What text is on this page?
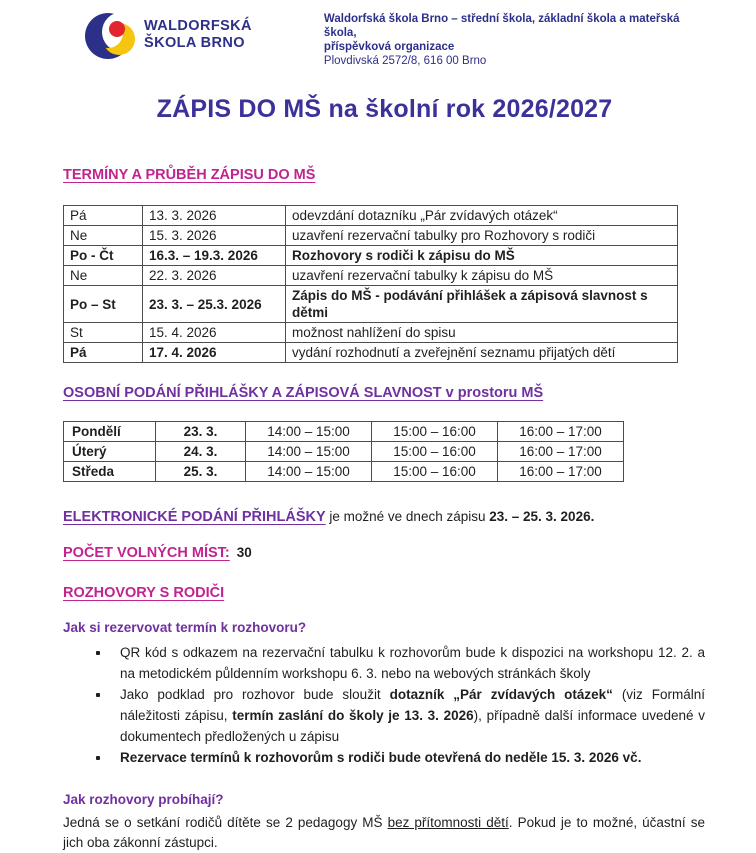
WALDORFSKÁ
ŠKOLA BRNO
Waldorfská škola Brno – střední škola, základní škola a mateřská škola,
příspěvková organizace
Plovdivská 2572/8, 616 00 Brno
ZÁPIS DO MŠ na školní rok 2026/2027
TERMÍNY A PRŮBĚH ZÁPISU DO MŠ
Pá	13. 3. 2026	odevzdání dotazníku „Pár zvídavých otázek“
Ne	15. 3. 2026	uzavření rezervační tabulky pro Rozhovory s rodiči
Po - Čt	16.3. – 19.3. 2026	Rozhovory s rodiči k zápisu do MŠ
Ne	22. 3. 2026	uzavření rezervační tabulky k zápisu do MŠ
Po – St	23. 3. – 25.3. 2026	Zápis do MŠ - podávání přihlášek a zápisová slavnost s dětmi
St	15. 4. 2026	možnost nahlížení do spisu
Pá	17. 4. 2026	vydání rozhodnutí a zveřejnění seznamu přijatých dětí
OSOBNÍ PODÁNÍ PŘIHLÁŠKY A ZÁPISOVÁ SLAVNOST v prostoru MŠ
Pondělí	23. 3.	14:00 – 15:00	15:00 – 16:00	16:00 – 17:00
Úterý	24. 3.	14:00 – 15:00	15:00 – 16:00	16:00 – 17:00
Středa	25. 3.	14:00 – 15:00	15:00 – 16:00	16:00 – 17:00

ELEKTRONICKÉ PODÁNÍ PŘIHLÁŠKY je možné ve dnech zápisu 23. – 25. 3. 2026.

POČET VOLNÝCH MÍST: 30

ROZHOVORY S RODIČI
Jak si rezervovat termín k rozhovoru?
QR kód s odkazem na rezervační tabulku k rozhovorům bude k dispozici na workshopu 12. 2. a na metodickém půldenním workshopu 6. 3. nebo na webových stránkách školy
Jako podklad pro rozhovor bude sloužit dotazník „Pár zvídavých otázek“ (viz Formální náležitosti zápisu, termín zaslání do školy je 13. 3. 2026), případně další informace uvedené v dokumentech předložených u zápisu
Rezervace termínů k rozhovorům s rodiči bude otevřená do neděle 15. 3. 2026 vč.
Jak rozhovory probíhají?

Jedná se o setkání rodičů dítěte se 2 pedagogy MŠ bez přítomnosti dětí. Pokud je to možné, účastní se jich oba zákonní zástupci.
